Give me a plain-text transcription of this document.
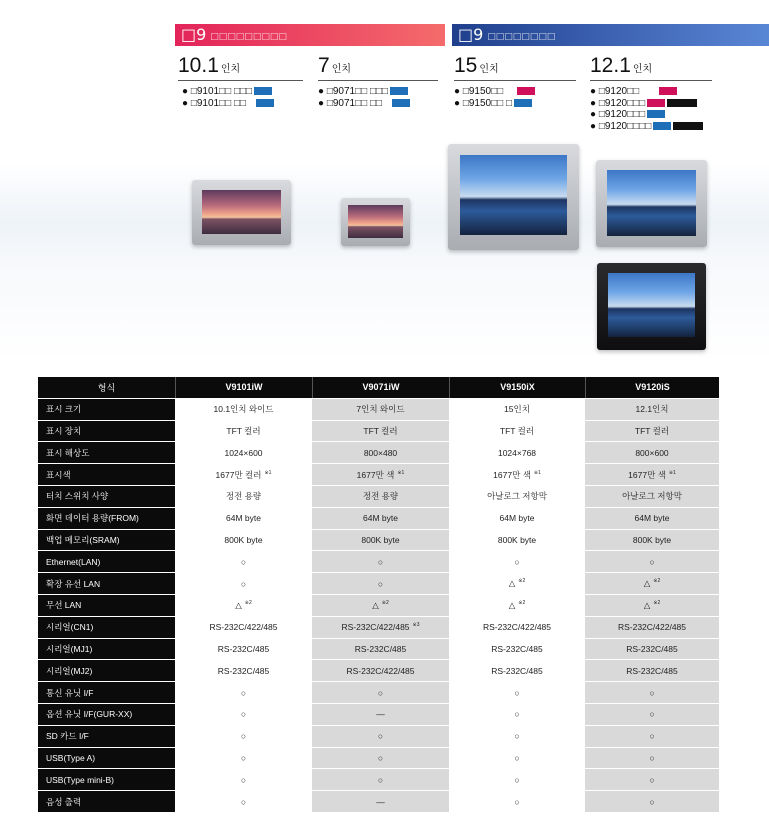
□9 □□□□□□□□□	□9 □□□□□□□□
10.1 인치	7 인치	15 인치	12.1 인치
● □9101□□ □□□
● □9101□□ □□
● □9071□□ □□□
● □9071□□ □□
● □9150□□
● □9150□□ □
● □9120□□
● □9120□□□
● □9120□□□
● □9120□□□□
형식	V9101iW	V9071iW	V9150iX	V9120iS
표시 크기	10.1인치 와이드	7인치 와이드	15인치	12.1인치
표시 장치	TFT 컬러	TFT 컬러	TFT 컬러	TFT 컬러
표시 해상도	1024×600	800×480	1024×768	800×600
표시색	1677만 컬러 $^{※1}$	1677만 색 $^{※1}$	1677만 색 $^{※1}$	1677만 색 $^{※1}$
터치 스위치 사양	정전 용량	정전 용량	아날로그 저항막	아날로그 저항막
화면 데이터 용량(FROM)	64M byte	64M byte	64M byte	64M byte
백업 메모리(SRAM)	800K byte	800K byte	800K byte	800K byte
Ethernet(LAN)	○	○	○	○
확장 유선 LAN	○	○	△ $^{※2}$	△ $^{※2}$
무선 LAN	△ $^{※2}$	△ $^{※2}$	△ $^{※2}$	△ $^{※2}$
시리얼(CN1)	RS-232C/422/485	RS-232C/422/485 $^{※3}$	RS-232C/422/485	RS-232C/422/485
시리얼(MJ1)	RS-232C/485	RS-232C/485	RS-232C/485	RS-232C/485
시리얼(MJ2)	RS-232C/485	RS-232C/422/485	RS-232C/485	RS-232C/485
통신 유닛 I/F	○	○	○	○
옵션 유닛 I/F(GUR-XX)	○	—	○	○
SD 카드 I/F	○	○	○	○
USB(Type A)	○	○	○	○
USB(Type mini-B)	○	○	○	○
음성 출력	○	—	○	○
